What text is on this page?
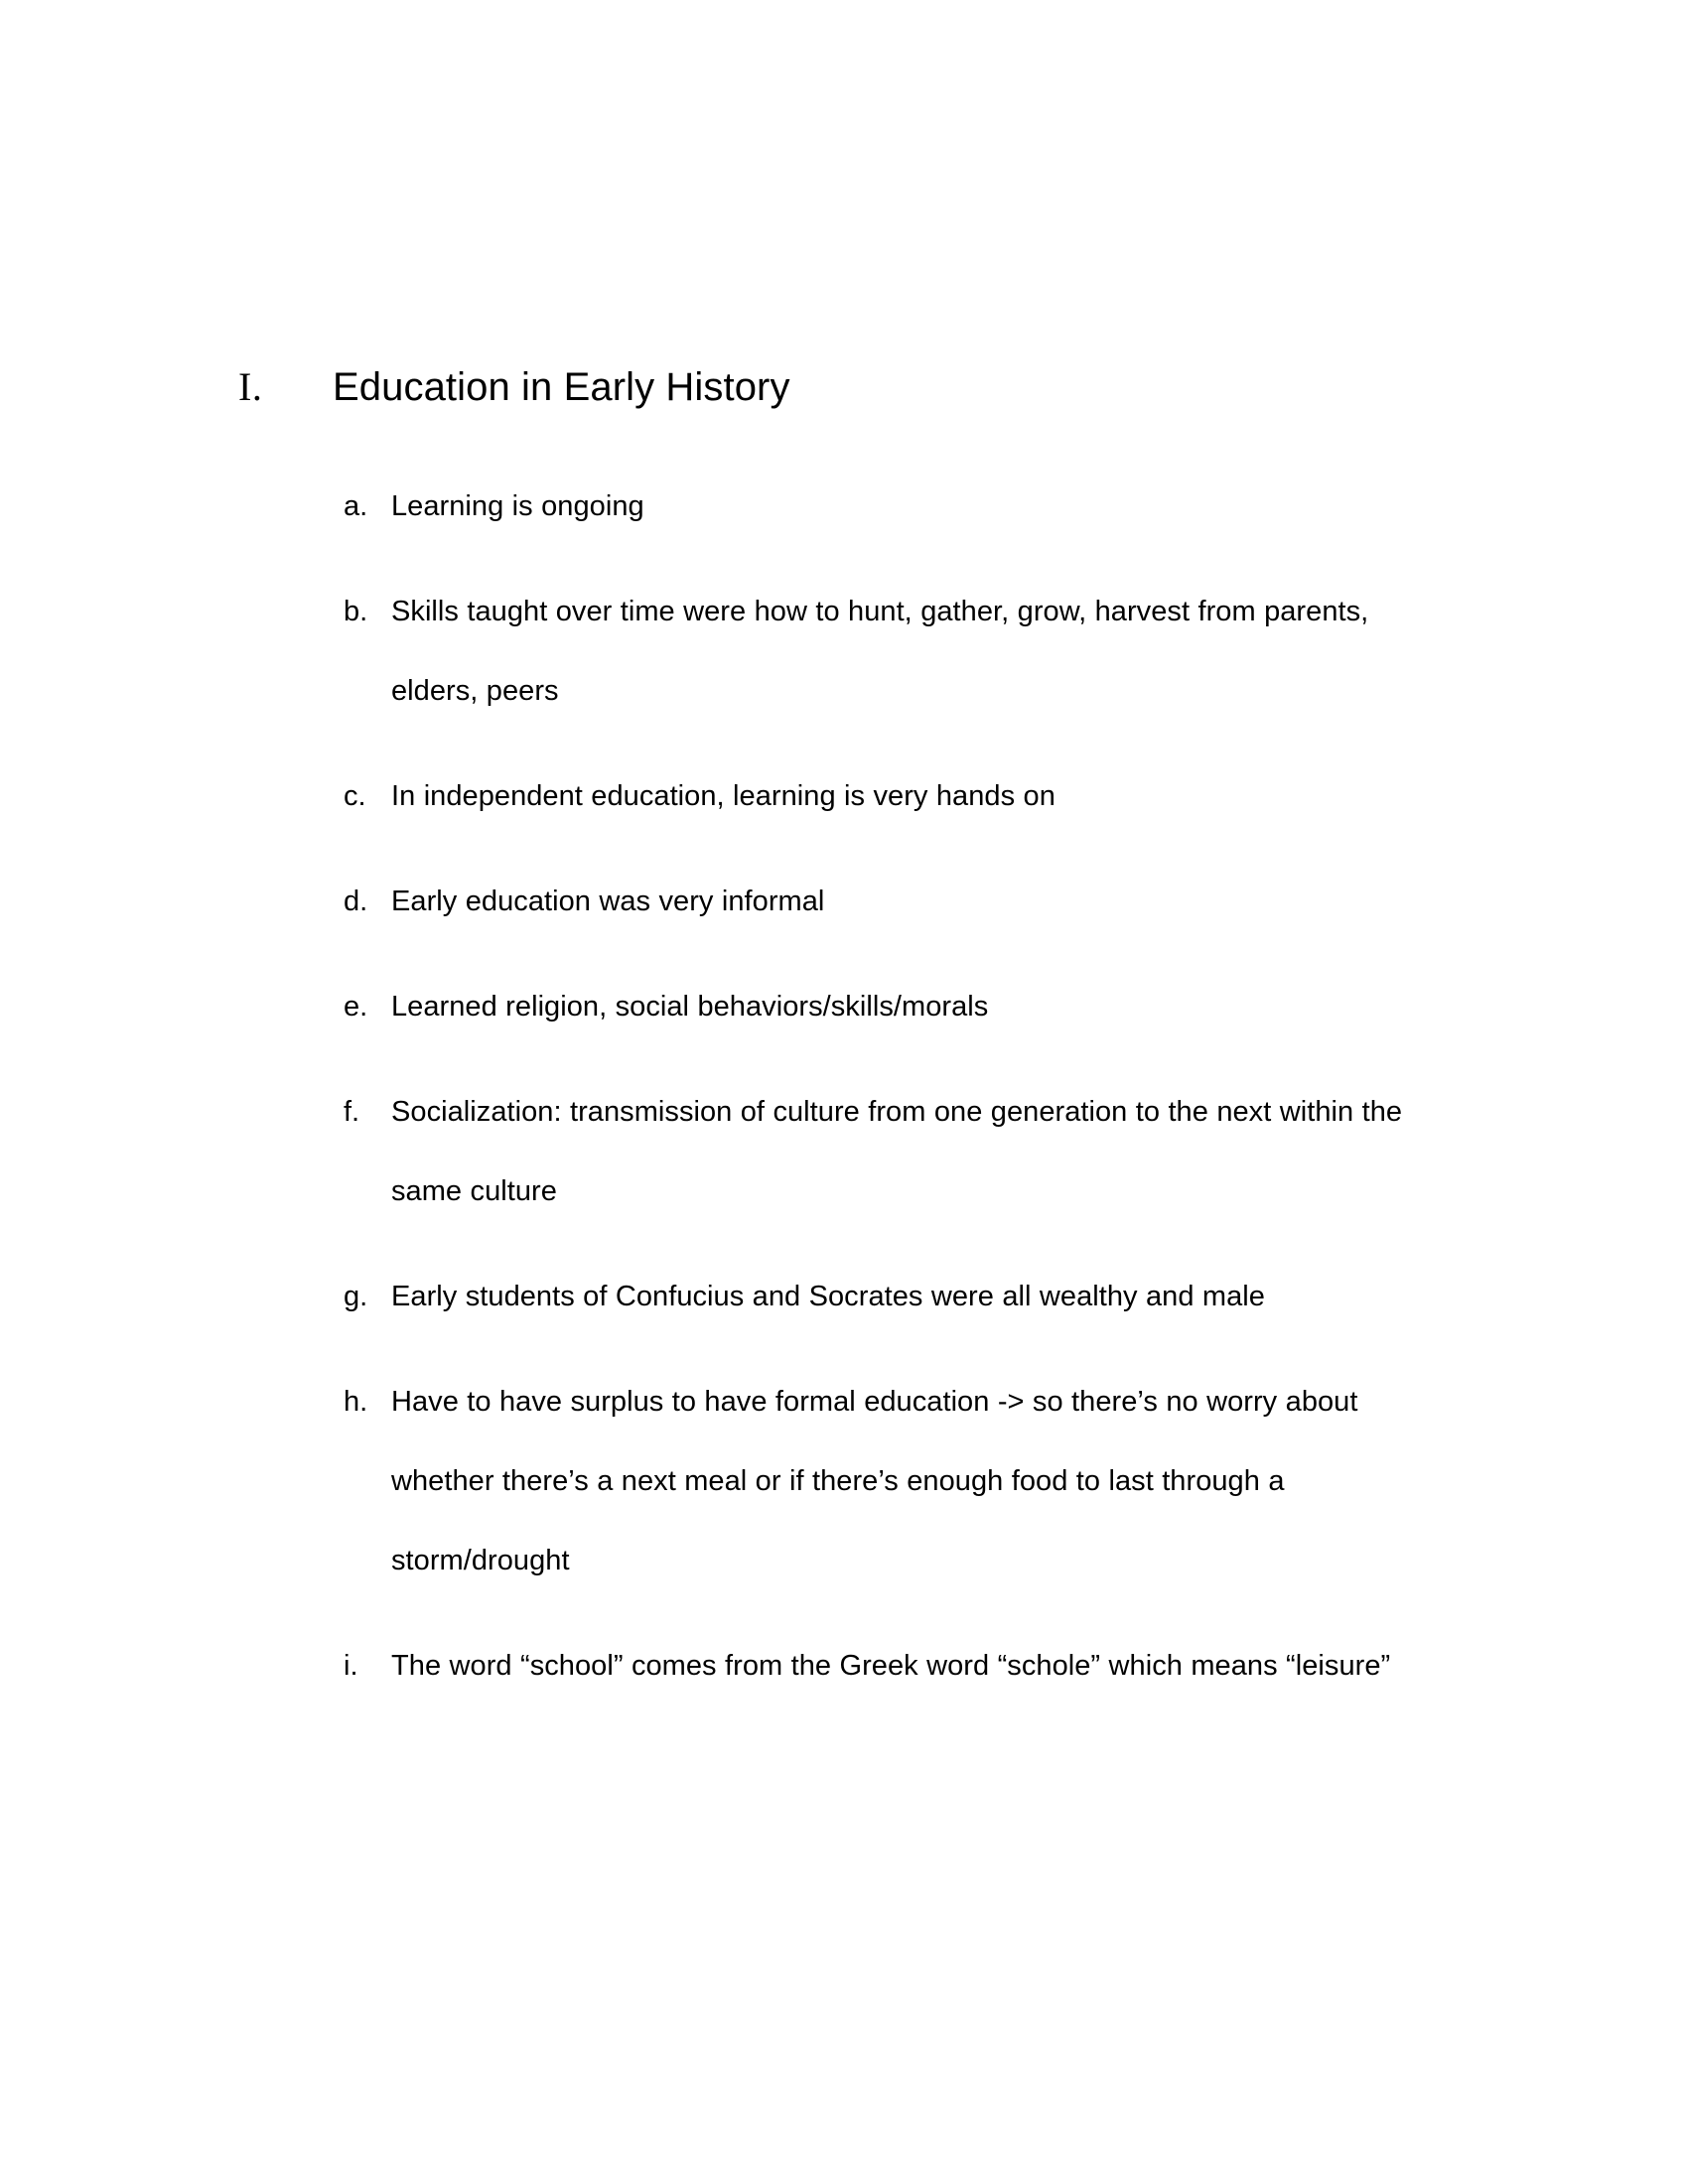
I.	Education in Early History
a. Learning is ongoing
b. Skills taught over time were how to hunt, gather, grow, harvest from parents, elders, peers
c. In independent education, learning is very hands on
d. Early education was very informal
e. Learned religion, social behaviors/skills/morals
f.	Socialization: transmission of culture from one generation to the next within the same culture
g. Early students of Confucius and Socrates were all wealthy and male
h. Have to have surplus to have formal education -> so there’s no worry about whether there’s a next meal or if there’s enough food to last through a storm/drought
i.	The word “school” comes from the Greek word “schole” which means “leisure”
